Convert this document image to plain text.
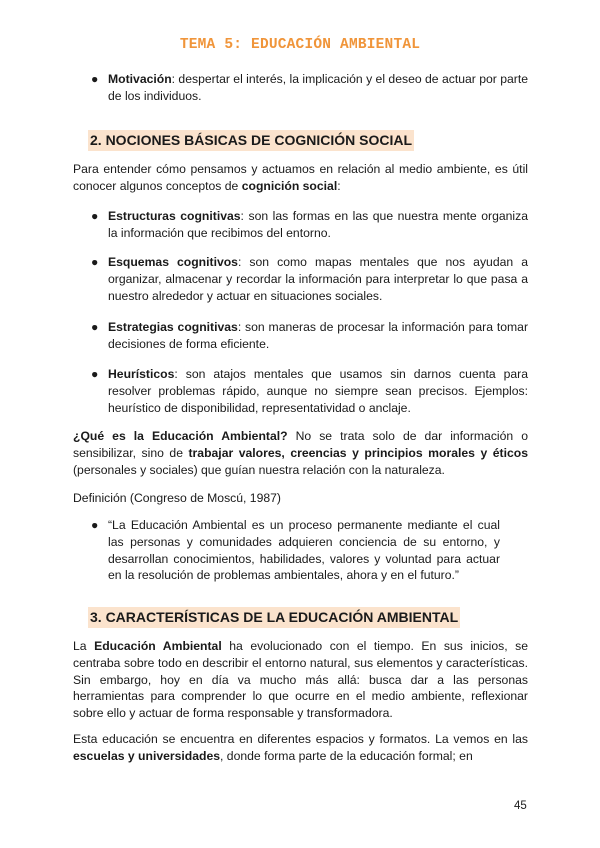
TEMA 5: EDUCACIÓN AMBIENTAL
● Motivación: despertar el interés, la implicación y el deseo de actuar por parte de los individuos.
2. NOCIONES BÁSICAS DE COGNICIÓN SOCIAL
Para entender cómo pensamos y actuamos en relación al medio ambiente, es útil conocer algunos conceptos de cognición social:
● Estructuras cognitivas: son las formas en las que nuestra mente organiza la información que recibimos del entorno.
● Esquemas cognitivos: son como mapas mentales que nos ayudan a organizar, almacenar y recordar la información para interpretar lo que pasa a nuestro alrededor y actuar en situaciones sociales.
● Estrategias cognitivas: son maneras de procesar la información para tomar decisiones de forma eficiente.
● Heurísticos: son atajos mentales que usamos sin darnos cuenta para resolver problemas rápido, aunque no siempre sean precisos. Ejemplos: heurístico de disponibilidad, representatividad o anclaje.
¿Qué es la Educación Ambiental? No se trata solo de dar información o sensibilizar, sino de trabajar valores, creencias y principios morales y éticos (personales y sociales) que guían nuestra relación con la naturaleza.
Definición (Congreso de Moscú, 1987)
● “La Educación Ambiental es un proceso permanente mediante el cual las personas y comunidades adquieren conciencia de su entorno, y desarrollan conocimientos, habilidades, valores y voluntad para actuar en la resolución de problemas ambientales, ahora y en el futuro.”
3. CARACTERÍSTICAS DE LA EDUCACIÓN AMBIENTAL
La Educación Ambiental ha evolucionado con el tiempo. En sus inicios, se centraba sobre todo en describir el entorno natural, sus elementos y características. Sin embargo, hoy en día va mucho más allá: busca dar a las personas herramientas para comprender lo que ocurre en el medio ambiente, reflexionar sobre ello y actuar de forma responsable y transformadora.
Esta educación se encuentra en diferentes espacios y formatos. La vemos en las escuelas y universidades, donde forma parte de la educación formal; en
45
